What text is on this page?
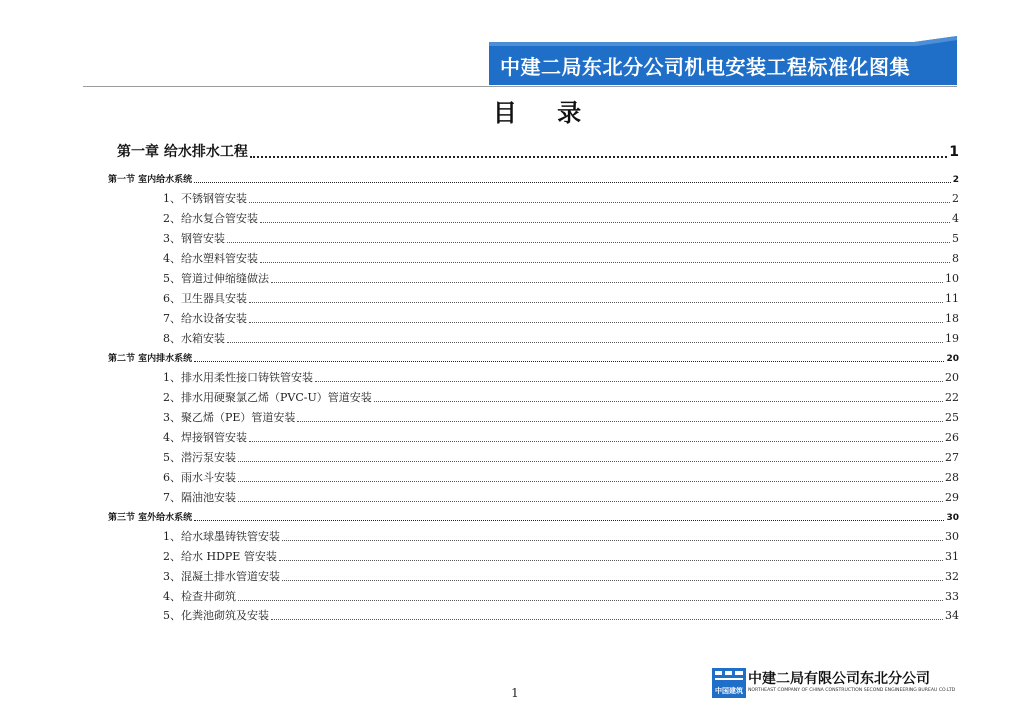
中建二局东北分公司机电安装工程标准化图集
目 录
第一章 给水排水工程	1
第一节 室内给水系统	2
1、不锈钢管安装	2
2、给水复合管安装	4
3、钢管安装	5
4、给水塑料管安装	8
5、管道过伸缩缝做法	10
6、卫生器具安装	11
7、给水设备安装	18
8、水箱安装	19
第二节 室内排水系统	20
1、排水用柔性接口铸铁管安装	20
2、排水用硬聚氯乙烯（PVC-U）管道安装	22
3、聚乙烯（PE）管道安装	25
4、焊接钢管安装	26
5、潜污泵安装	27
6、雨水斗安装	28
7、隔油池安装	29
第三节 室外给水系统	30
1、给水球墨铸铁管安装	30
2、给水 HDPE 管安装	31
3、混凝土排水管道安装	32
4、检查井砌筑	33
5、化粪池砌筑及安装	34
1	中国建筑
中建二局有限公司东北分公司
NORTHEAST COMPANY OF CHINA CONSTRUCTION SECOND ENGINEERING BUREAU CO.LTD
